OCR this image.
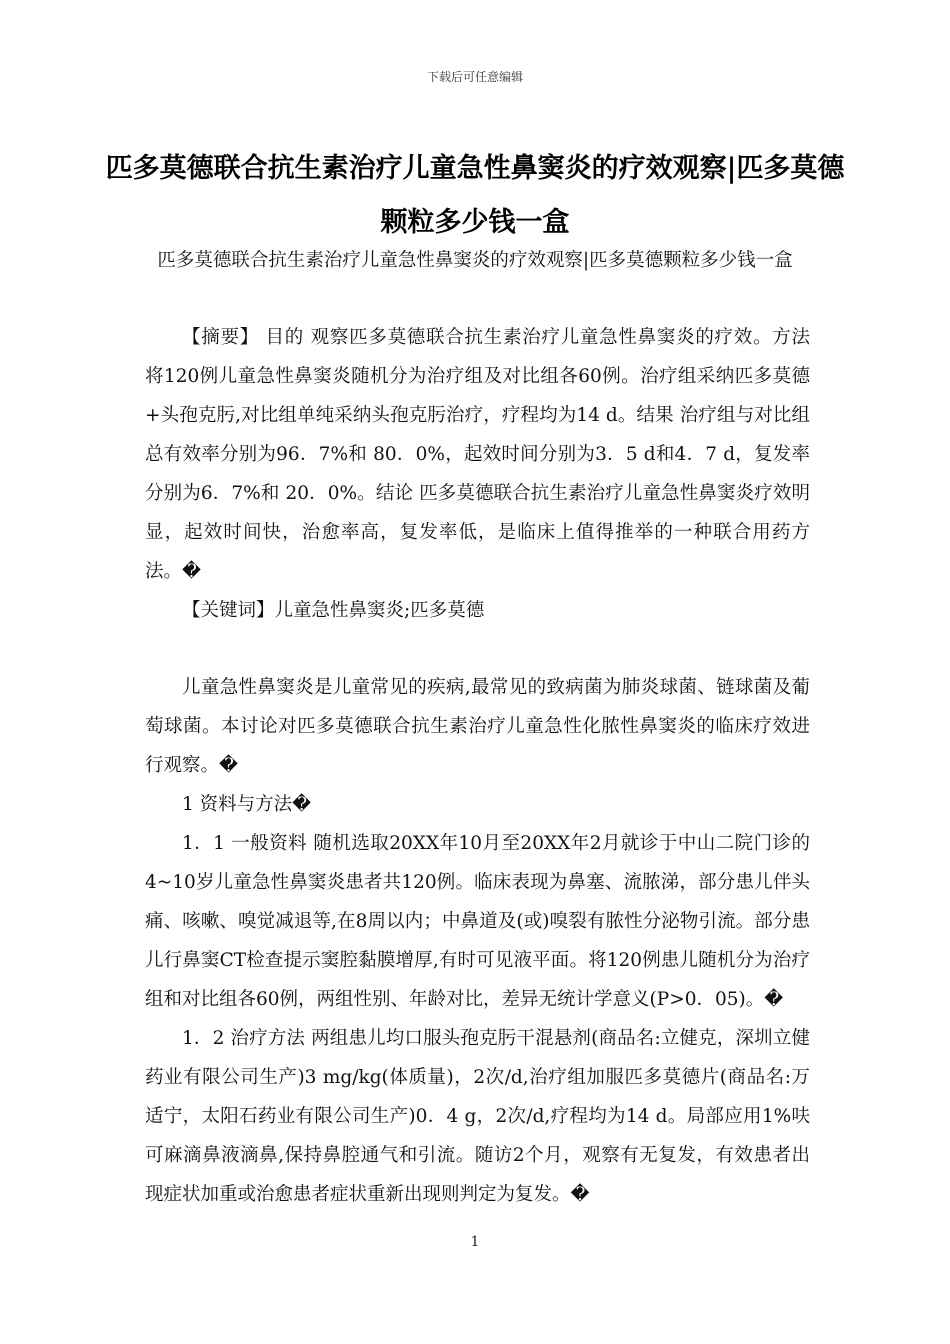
下载后可任意编辑
匹多莫德联合抗生素治疗儿童急性鼻窦炎的疗效观察|匹多莫德颗粒多少钱一盒
匹多莫德联合抗生素治疗儿童急性鼻窦炎的疗效观察|匹多莫德颗粒多少钱一盒

【摘要】 目的 观察匹多莫德联合抗生素治疗儿童急性鼻窦炎的疗效。方法 将120例儿童急性鼻窦炎随机分为治疗组及对比组各60例。治疗组采纳匹多莫德+头孢克肟,对比组单纯采纳头孢克肟治疗，疗程均为14 d。结果 治疗组与对比组总有效率分别为96．7%和 80．0%，起效时间分别为3．5 d和4．7 d，复发率分别为6．7%和 20．0%。结论 匹多莫德联合抗生素治疗儿童急性鼻窦炎疗效明显，起效时间快，治愈率高，复发率低，是临床上值得推举的一种联合用药方法。�

【关键词】儿童急性鼻窦炎;匹多莫德

儿童急性鼻窦炎是儿童常见的疾病,最常见的致病菌为肺炎球菌、链球菌及葡萄球菌。本讨论对匹多莫德联合抗生素治疗儿童急性化脓性鼻窦炎的临床疗效进行观察。�

1 资料与方法�

1．1 一般资料 随机选取20XX年10月至20XX年2月就诊于中山二院门诊的4~10岁儿童急性鼻窦炎患者共120例。临床表现为鼻塞、流脓涕，部分患儿伴头痛、咳嗽、嗅觉减退等,在8周以内；中鼻道及(或)嗅裂有脓性分泌物引流。部分患儿行鼻窦CT检查提示窦腔黏膜增厚,有时可见液平面。将120例患儿随机分为治疗组和对比组各60例，两组性别、年龄对比，差异无统计学意义(P>0．05)。�

1．2 治疗方法 两组患儿均口服头孢克肟干混悬剂(商品名:立健克，深圳立健药业有限公司生产)3 mg/kg(体质量)，2次/d,治疗组加服匹多莫德片(商品名:万适宁，太阳石药业有限公司生产)0．4 g，2次/d,疗程均为14 d。局部应用1%呋可麻滴鼻液滴鼻,保持鼻腔通气和引流。随访2个月，观察有无复发，有效患者出现症状加重或治愈患者症状重新出现则判定为复发。�

1
